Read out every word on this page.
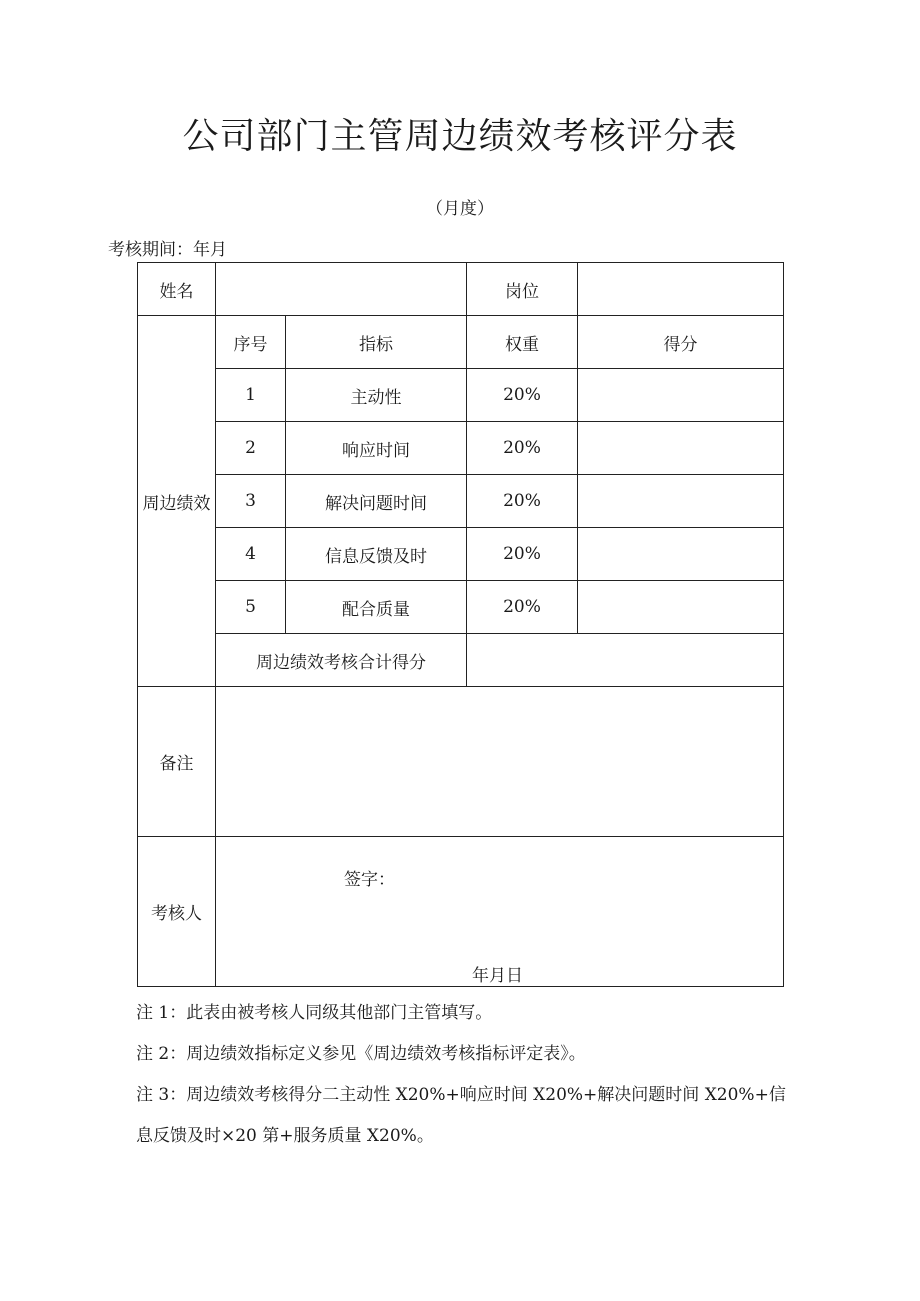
公司部门主管周边绩效考核评分表
（月度）
考核期间：年月
姓名			岗位	
周边绩效	序号	指标	权重	得分
	1	主动性	20%	
	2	响应时间	20%	
	3	解决问题时间	20%	
	4	信息反馈及时	20%	
	5	配合质量	20%	
	周边绩效考核合计得分			
备注				
考核人	签字：
年月日			
注 1：此表由被考核人同级其他部门主管填写。
注 2：周边绩效指标定义参见《周边绩效考核指标评定表》。
注 3：周边绩效考核得分二主动性 X20%+响应时间 X20%+解决问题时间 X20%+信息反馈及时×20 第+服务质量 X20%。
